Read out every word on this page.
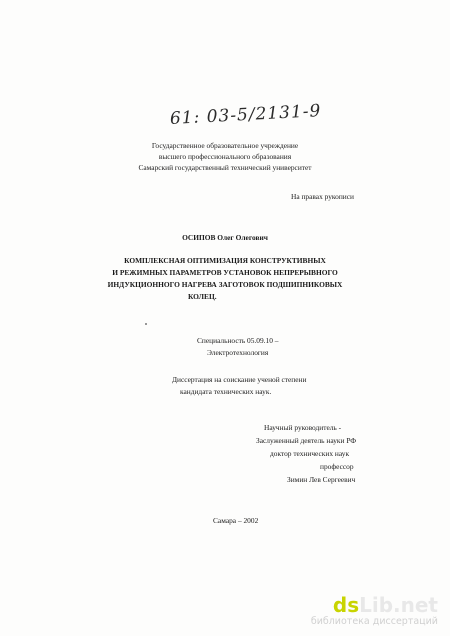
61: 03-5/2131-9
Государственное образовательное учреждение
высшего профессионального образования
Самарский государственный технический университет
На правах рукописи
ОСИПОВ Олег Олегович
КОМПЛЕКСНАЯ ОПТИМИЗАЦИЯ КОНСТРУКТИВНЫХ
И РЕЖИМНЫХ ПАРАМЕТРОВ УСТАНОВОК НЕПРЕРЫВНОГО
ИНДУКЦИОННОГО НАГРЕВА ЗАГОТОВОК ПОДШИПНИКОВЫХ
КОЛЕЦ.
Специальность 05.09.10 –
Электротехнология
Диссертация на соискание ученой степени
кандидата технических наук.
Научный руководитель -
Заслуженный деятель науки РФ
доктор технических наук
профессор
Зимин Лев Сергеевич
Самара – 2002
dsLib.net
библиотека диссертаций
